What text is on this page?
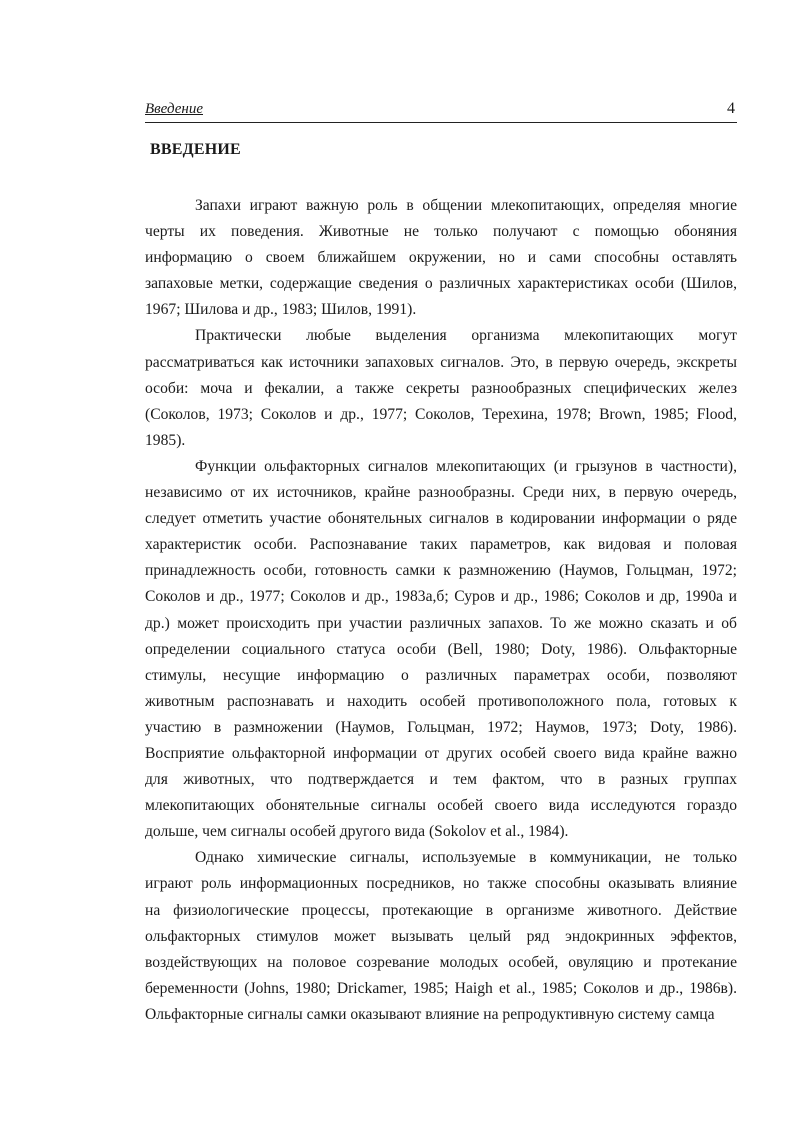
Введение	4
ВВЕДЕНИЕ
Запахи играют важную роль в общении млекопитающих, определяя многие
черты их поведения. Животные не только получают с помощью обоняния
информацию о своем ближайшем окружении, но и сами способны оставлять
запаховые метки, содержащие сведения о различных характеристиках особи (Шилов,
1967; Шилова и др., 1983; Шилов, 1991).
Практически любые выделения организма млекопитающих могут
рассматриваться как источники запаховых сигналов. Это, в первую очередь, экскреты
особи: моча и фекалии, а также секреты разнообразных специфических желез
(Соколов, 1973; Соколов и др., 1977; Соколов, Терехина, 1978; Brown, 1985; Flood,
1985).
Функции ольфакторных сигналов млекопитающих (и грызунов в частности),
независимо от их источников, крайне разнообразны. Среди них, в первую очередь,
следует отметить участие обонятельных сигналов в кодировании информации о ряде
характеристик особи. Распознавание таких параметров, как видовая и половая
принадлежность особи, готовность самки к размножению (Наумов, Гольцман, 1972;
Соколов и др., 1977; Соколов и др., 1983а,б; Суров и др., 1986; Соколов и др, 1990а и
др.) может происходить при участии различных запахов. То же можно сказать и об
определении социального статуса особи (Bell, 1980; Doty, 1986). Ольфакторные
стимулы, несущие информацию о различных параметрах особи, позволяют
животным распознавать и находить особей противоположного пола, готовых к
участию в размножении (Наумов, Гольцман, 1972; Наумов, 1973; Doty, 1986).
Восприятие ольфакторной информации от других особей своего вида крайне важно
для животных, что подтверждается и тем фактом, что в разных группах
млекопитающих обонятельные сигналы особей своего вида исследуются гораздо
дольше, чем сигналы особей другого вида (Sokolov et al., 1984).
Однако химические сигналы, используемые в коммуникации, не только
играют роль информационных посредников, но также способны оказывать влияние
на физиологические процессы, протекающие в организме животного. Действие
ольфакторных стимулов может вызывать целый ряд эндокринных эффектов,
воздействующих на половое созревание молодых особей, овуляцию и протекание
беременности (Johns, 1980; Drickamer, 1985; Haigh et al., 1985; Соколов и др., 1986в).
Ольфакторные сигналы самки оказывают влияние на репродуктивную систему самца
